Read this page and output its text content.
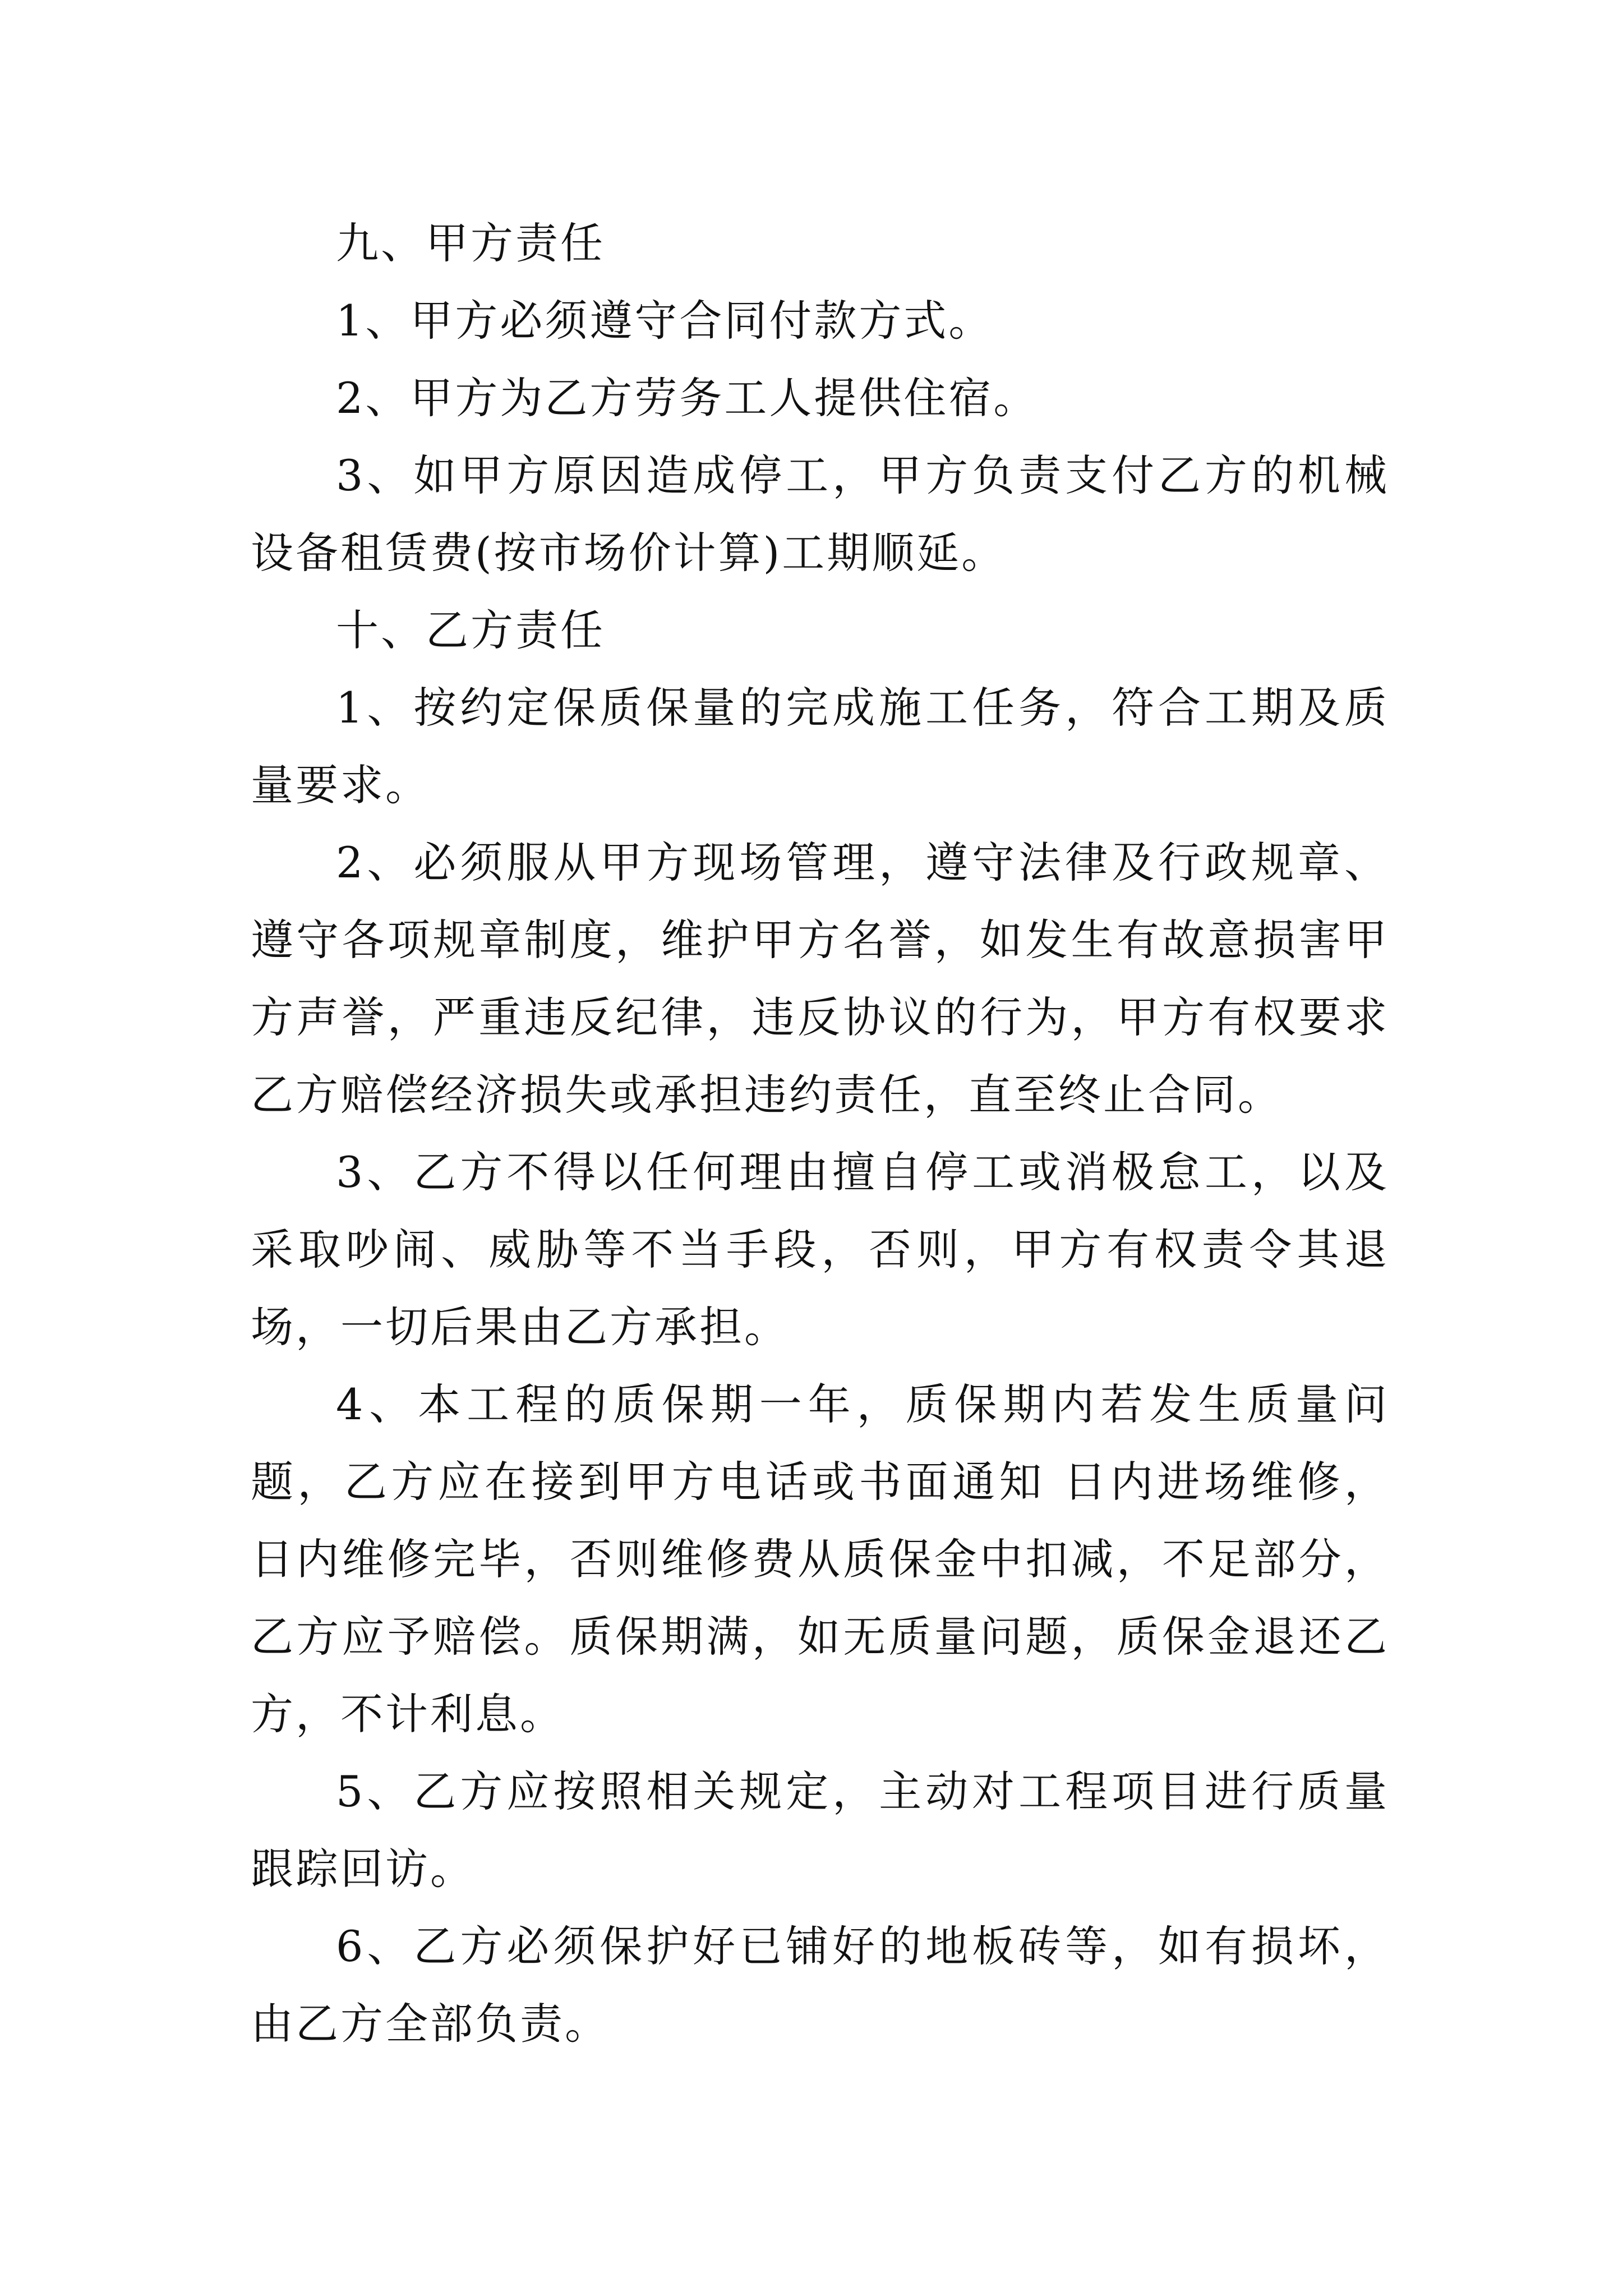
九、甲方责任

1、甲方必须遵守合同付款方式。

2、甲方为乙方劳务工人提供住宿。

3、如甲方原因造成停工，甲方负责支付乙方的机械设备租赁费(按市场价计算)工期顺延。

十、乙方责任

1、按约定保质保量的完成施工任务，符合工期及质量要求。

2、必须服从甲方现场管理，遵守法律及行政规章、遵守各项规章制度，维护甲方名誉，如发生有故意损害甲方声誉，严重违反纪律，违反协议的行为，甲方有权要求乙方赔偿经济损失或承担违约责任，直至终止合同。

3、乙方不得以任何理由擅自停工或消极怠工，以及采取吵闹、威胁等不当手段，否则，甲方有权责令其退场，一切后果由乙方承担。

4、本工程的质保期一年，质保期内若发生质量问题，乙方应在接到甲方电话或书面通知 日内进场维修， 日内维修完毕，否则维修费从质保金中扣减，不足部分，乙方应予赔偿。质保期满，如无质量问题，质保金退还乙方，不计利息。

5、乙方应按照相关规定，主动对工程项目进行质量跟踪回访。

6、乙方必须保护好已铺好的地板砖等，如有损坏，由乙方全部负责。
